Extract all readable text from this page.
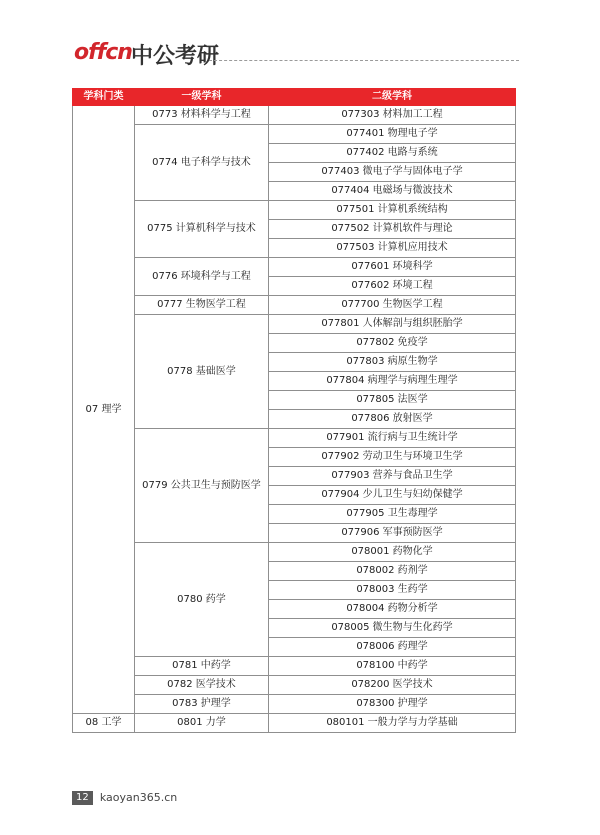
offcn 中公考研
学科门类	一级学科	二级学科
07 理学	0773 材料科学与工程	077303 材料加工工程
	0774 电子科学与技术	077401 物理电子学
		077402 电路与系统
		077403 微电子学与固体电子学
		077404 电磁场与微波技术
	0775 计算机科学与技术	077501 计算机系统结构
		077502 计算机软件与理论
		077503 计算机应用技术
	0776 环境科学与工程	077601 环境科学
		077602 环境工程
	0777 生物医学工程	077700 生物医学工程
	0778 基础医学	077801 人体解剖与组织胚胎学
		077802 免疫学
		077803 病原生物学
		077804 病理学与病理生理学
		077805 法医学
		077806 放射医学
	0779 公共卫生与预防医学	077901 流行病与卫生统计学
		077902 劳动卫生与环境卫生学
		077903 营养与食品卫生学
		077904 少儿卫生与妇幼保健学
		077905 卫生毒理学
		077906 军事预防医学
	0780 药学	078001 药物化学
		078002 药剂学
		078003 生药学
		078004 药物分析学
		078005 微生物与生化药学
		078006 药理学
	0781 中药学	078100 中药学
	0782 医学技术	078200 医学技术
	0783 护理学	078300 护理学
08 工学	0801 力学	080101 一般力学与力学基础
12 kaoyan365.cn
